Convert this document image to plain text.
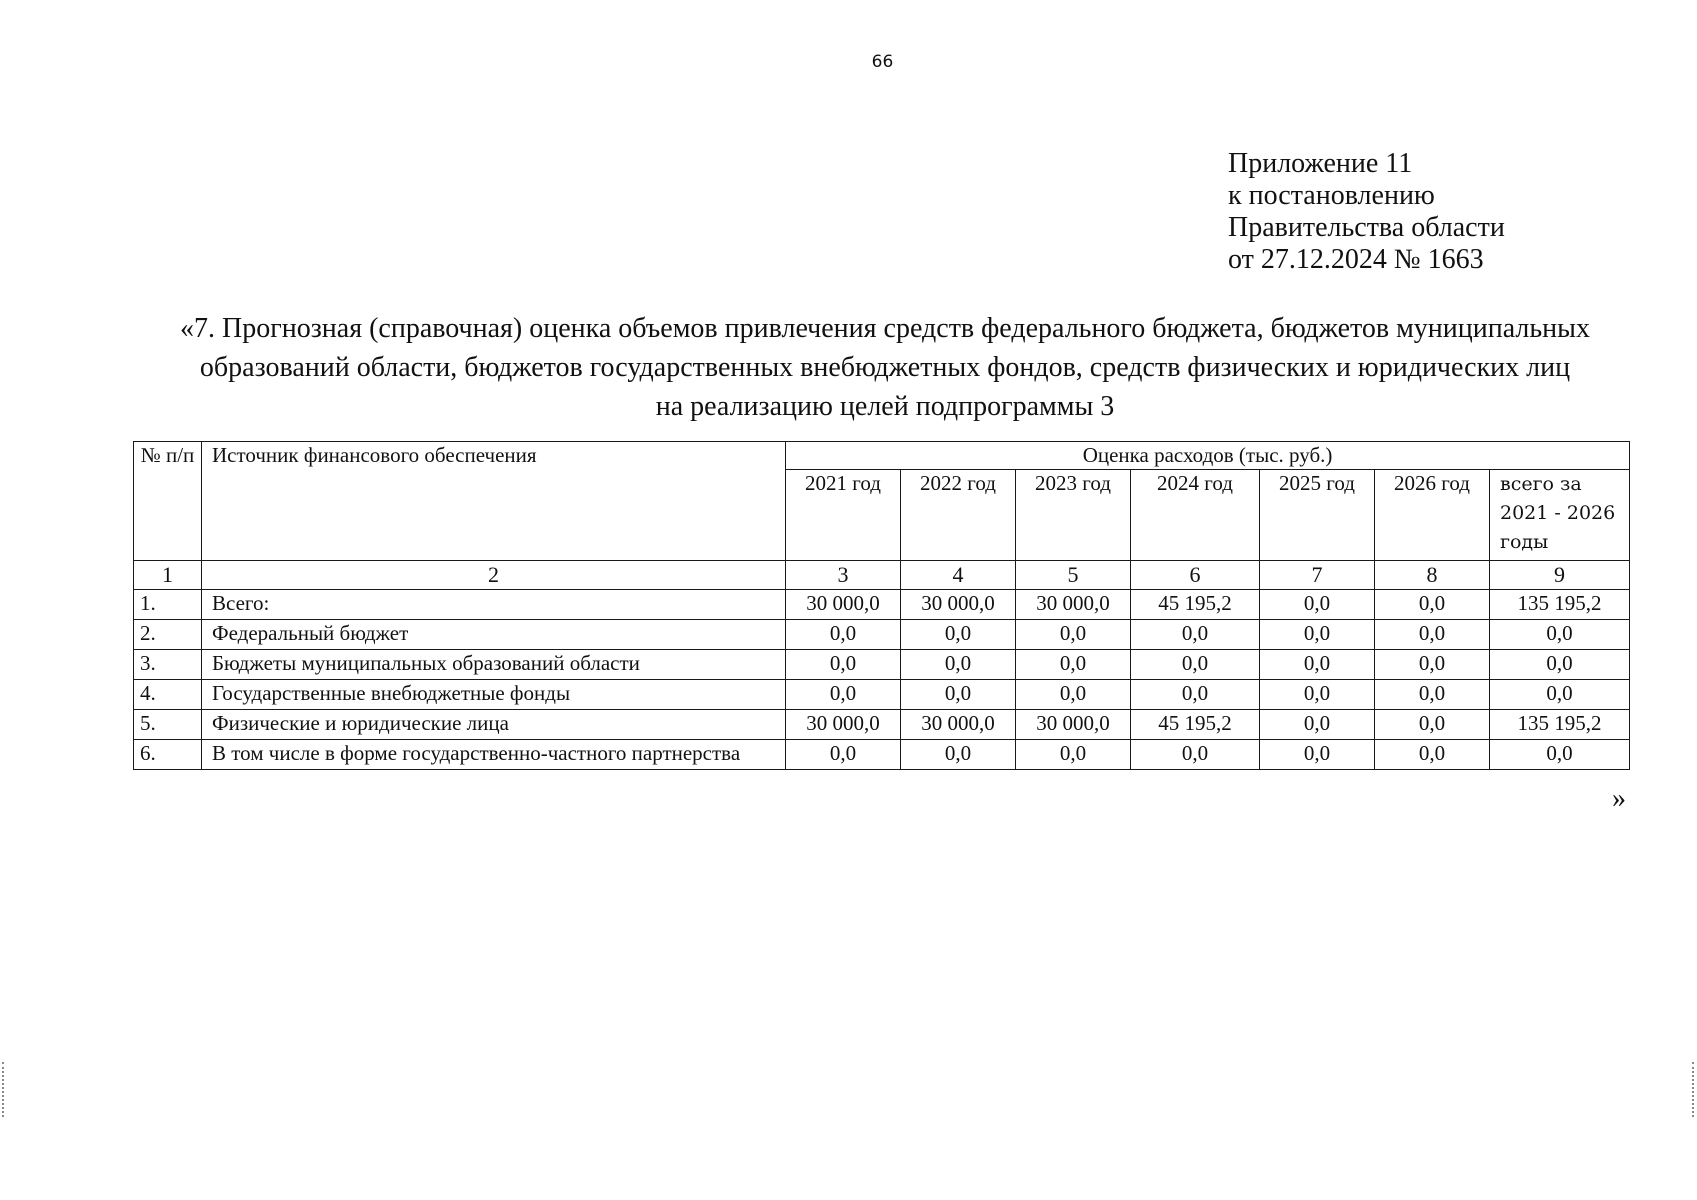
66
Приложение 11
к постановлению
Правительства области
от 27.12.2024 № 1663
«7. Прогнозная (справочная) оценка объемов привлечения средств федерального бюджета, бюджетов муниципальных
образований области, бюджетов государственных внебюджетных фондов, средств физических и юридических лиц
на реализацию целей подпрограммы 3
№ п/п	Источник финансового обеспечения	Оценка расходов (тыс. руб.)						
		2021 год	2022 год	2023 год	2024 год	2025 год	2026 год	всего за 2021 - 2026 годы
1	2	3	4	5	6	7	8	9
1.	Всего:	30 000,0	30 000,0	30 000,0	45 195,2	0,0	0,0	135 195,2
2.	Федеральный бюджет	0,0	0,0	0,0	0,0	0,0	0,0	0,0
3.	Бюджеты муниципальных образований области	0,0	0,0	0,0	0,0	0,0	0,0	0,0
4.	Государственные внебюджетные фонды	0,0	0,0	0,0	0,0	0,0	0,0	0,0
5.	Физические и юридические лица	30 000,0	30 000,0	30 000,0	45 195,2	0,0	0,0	135 195,2
6.	В том числе в форме государственно-частного партнерства	0,0	0,0	0,0	0,0	0,0	0,0	0,0
»
